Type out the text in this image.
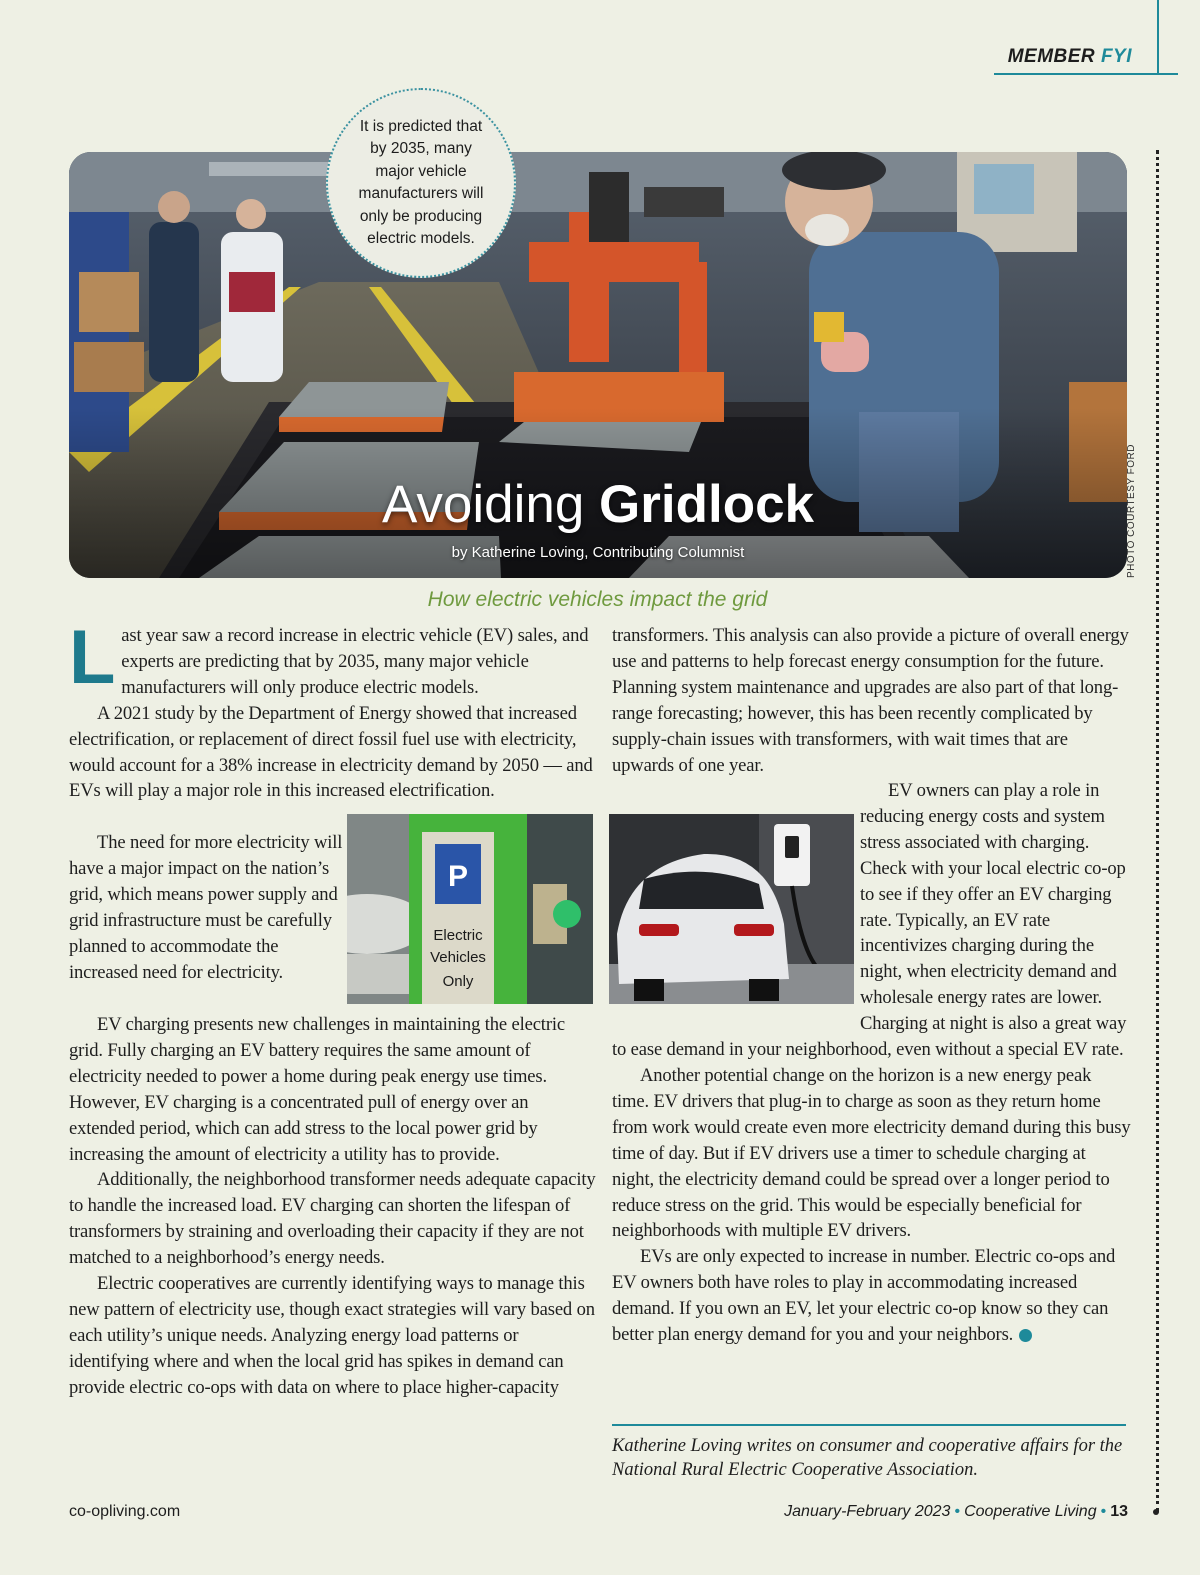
MEMBER FYI
Avoiding Gridlock
by Katherine Loving, Contributing Columnist	PHOTO COURTESY FORD
It is predicted that by 2035, many major vehicle manufacturers will only be producing electric models.
How electric vehicles impact the grid
L ast year saw a record increase in electric vehicle (EV) sales, and experts are predicting that by 2035, many major vehicle manufacturers will only produce electric models.

A 2021 study by the Department of Energy showed that increased electrification, or replacement of direct fossil fuel use with electricity, would account for a 38% increase in electricity demand by 2050 — and EVs will play a major role in this increased electrification.

The need for more electricity will have a major impact on the nation’s grid, which means power supply and grid infrastructure must be carefully planned to accommodate the increased need for electricity.

P
Electric
Vehicles
Only

EV charging presents new challenges in maintaining the electric grid. Fully charging an EV battery requires the same amount of electricity needed to power a home during peak energy use times. However, EV charging is a concentrated pull of energy over an extended period, which can add stress to the local power grid by increasing the amount of electricity a utility has to provide.

Additionally, the neighborhood transformer needs adequate capacity to handle the increased load. EV charging can shorten the lifespan of transformers by straining and overloading their capacity if they are not matched to a neighborhood’s energy needs.

Electric cooperatives are currently identifying ways to manage this new pattern of electricity use, though exact strategies will vary based on each utility’s unique needs. Analyzing energy load patterns or identifying where and when the local grid has spikes in demand can provide electric co-ops with data on where to place higher-capacity

transformers. This analysis can also provide a picture of overall energy use and patterns to help forecast energy consumption for the future. Planning system maintenance and upgrades are also part of that long-range forecasting; however, this has been recently complicated by supply-chain issues with transformers, with wait times that are upwards of one year.

EV owners can play a role in reducing energy costs and system stress associated with charging. Check with your local electric co-op to see if they offer an EV charging rate. Typically, an EV rate incentivizes charging during the night, when electricity demand and wholesale energy rates are lower. Charging at night is also a great way to ease demand in your neighborhood, even without a special EV rate.

Another potential change on the horizon is a new energy peak time. EV drivers that plug-in to charge as soon as they return home from work would create even more electricity demand during this busy time of day. But if EV drivers use a timer to schedule charging at night, the electricity demand could be spread over a longer period to reduce stress on the grid. This would be especially beneficial for neighborhoods with multiple EV drivers.

EVs are only expected to increase in number. Electric co-ops and EV owners both have roles to play in accommodating increased demand. If you own an EV, let your electric co-op know so they can better plan energy demand for you and your neighbors.

Katherine Loving writes on consumer and cooperative affairs for the National Rural Electric Cooperative Association.
co-opliving.com	January-February 2023 • Cooperative Living • 13
